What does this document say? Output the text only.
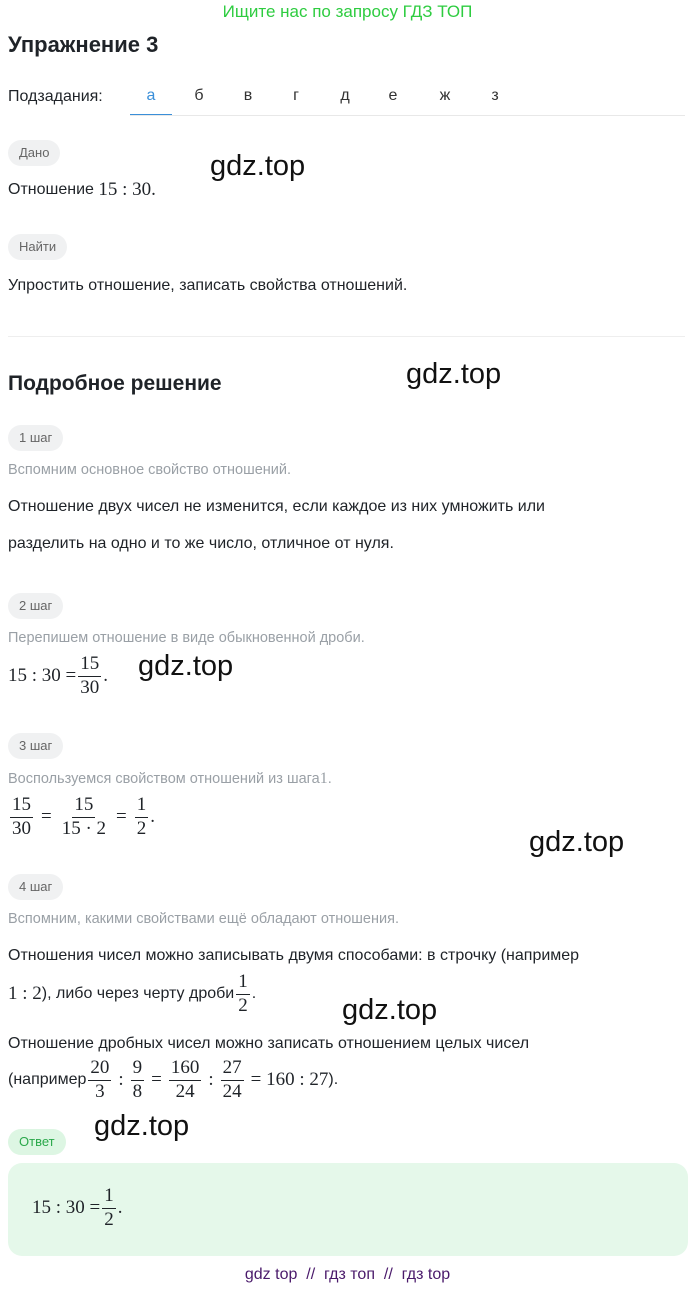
Ищите нас по запросу ГДЗ ТОП
Упражнение 3
Подзадания:	а	б	в	г	д	е	ж	з
Дано
Отношение
15 : 30 .
gdz.top
Найти
Упростить отношение, записать свойства отношений.
Подробное решение	gdz.top
1 шаг
Вспомним основное свойство отношений.
Отношение двух чисел не изменится, если каждое из них умножить или
разделить на одно и то же число, отличное от нуля.
2 шаг
Перепишем отношение в виде обыкновенной дроби.
15 : $30 = \frac{15}{30}$ . gdz.top
3 шаг
Воспользуемся свойством отношений из шага 1 .
$\frac{15}{30} = \frac{15}{15 \cdot 2} = \frac{1}{2}$ .
gdz.top
4 шаг
Вспомним, какими свойствами ещё обладают отношения.
Отношения чисел можно записывать двумя способами: в строчку (например
1 : 2 ), либо через черту дроби $\frac{1}{2}$ .
gdz.top
Отношение дробных чисел можно записать отношением целых чисел
(например $\frac{20}{3}$ : $\frac{9}{8} = \frac{160}{24}$ : $\frac{27}{24} = 160$ : 27 ).
gdz.top
Ответ
15 : $30 = \frac{1}{2}$ .
gdz top  //  гдз топ  //  гдз top
